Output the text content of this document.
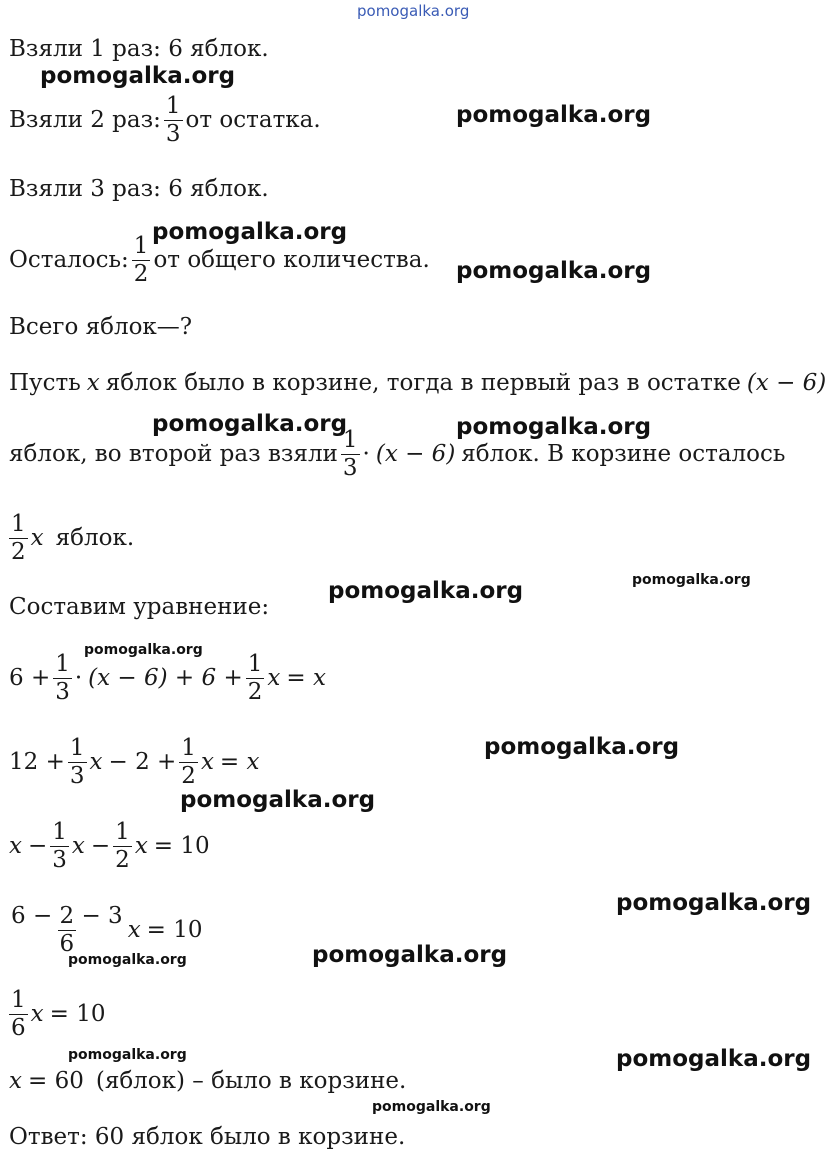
pomogalka.org
Взяли 1 раз: 6 яблок.
pomogalka.org
Взяли 2 раз: $\frac{1}{3}$ от остатка.	pomogalka.org
Взяли 3 раз: 6 яблок.
pomogalka.org
Осталось: $\frac{1}{2}$ от общего количества. pomogalka.org
Всего яблок—?
Пусть x яблок было в корзине, тогда в первый раз в остатке (x − 6)
pomogalka.org	pomogalka.org
яблок, во второй раз взяли $\frac{1}{3} \cdot (x - 6)$ яблок. В корзине осталось
$\frac{1}{2}$ x яблок.
Составим уравнение:
pomogalka.org	pomogalka.org
pomogalka.org
$6 + \frac{1}{3} \cdot (x - 6) + 6 + \frac{1}{2}$ x = x
$12 + \frac{1}{3}$ $x - 2 + \frac{1}{2}$ x = x
pomogalka.org
pomogalka.org
$x - \frac{1}{3}$ $x - \frac{1}{2}$ x = 10
$\frac{6 - 2 - 3}{6}$ x = 10
pomogalka.org
pomogalka.org
pomogalka.org
$\frac{1}{6}$ x = 10
pomogalka.org	pomogalka.org
x = 60 (яблок) – было в корзине.
pomogalka.org
Ответ: 60 яблок было в корзине.
